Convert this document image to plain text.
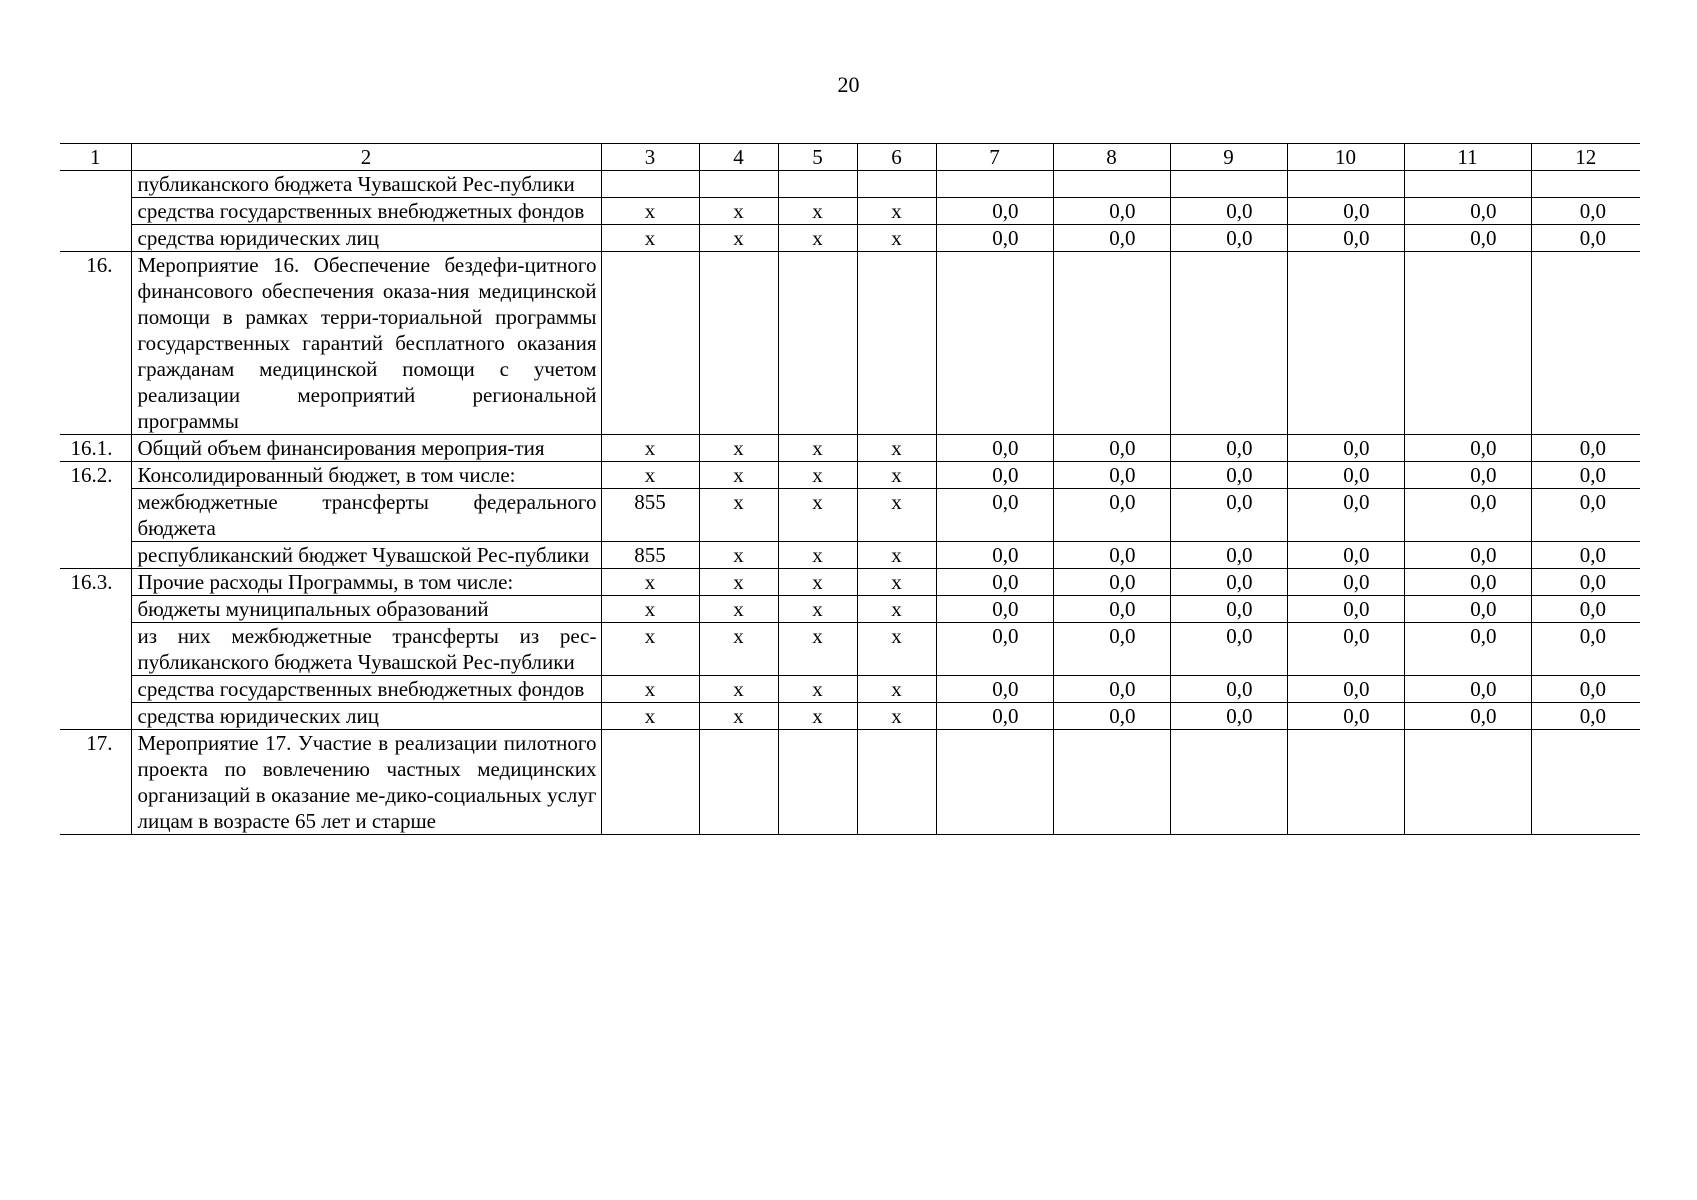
20
1	2	3	4	5	6	7	8	9	10	11	12
	публиканского бюджета Чувашской Рес-публики										
	средства государственных внебюджетных фондов	x	x	x	x	0,0	0,0	0,0	0,0	0,0	0,0
	средства юридических лиц	x	x	x	x	0,0	0,0	0,0	0,0	0,0	0,0
16.	Мероприятие 16. Обеспечение бездефи-цитного финансового обеспечения оказа-ния медицинской помощи в рамках терри-ториальной программы государственных гарантий бесплатного оказания гражданам медицинской помощи с учетом реализации мероприятий региональной программы										
16.1.	Общий объем финансирования мероприя-тия	x	x	x	x	0,0	0,0	0,0	0,0	0,0	0,0
16.2.	Консолидированный бюджет, в том числе:	x	x	x	x	0,0	0,0	0,0	0,0	0,0	0,0
	межбюджетные трансферты федерального бюджета	855	x	x	x	0,0	0,0	0,0	0,0	0,0	0,0
	республиканский бюджет Чувашской Рес-публики	855	x	x	x	0,0	0,0	0,0	0,0	0,0	0,0
16.3.	Прочие расходы Программы, в том числе:	x	x	x	x	0,0	0,0	0,0	0,0	0,0	0,0
	бюджеты муниципальных образований	x	x	x	x	0,0	0,0	0,0	0,0	0,0	0,0
	из них межбюджетные трансферты из рес-публиканского бюджета Чувашской Рес-публики	x	x	x	x	0,0	0,0	0,0	0,0	0,0	0,0
	средства государственных внебюджетных фондов	x	x	x	x	0,0	0,0	0,0	0,0	0,0	0,0
	средства юридических лиц	x	x	x	x	0,0	0,0	0,0	0,0	0,0	0,0
17.	Мероприятие 17. Участие в реализации пилотного проекта по вовлечению частных медицинских организаций в оказание ме-дико-социальных услуг лицам в возрасте 65 лет и старше										
